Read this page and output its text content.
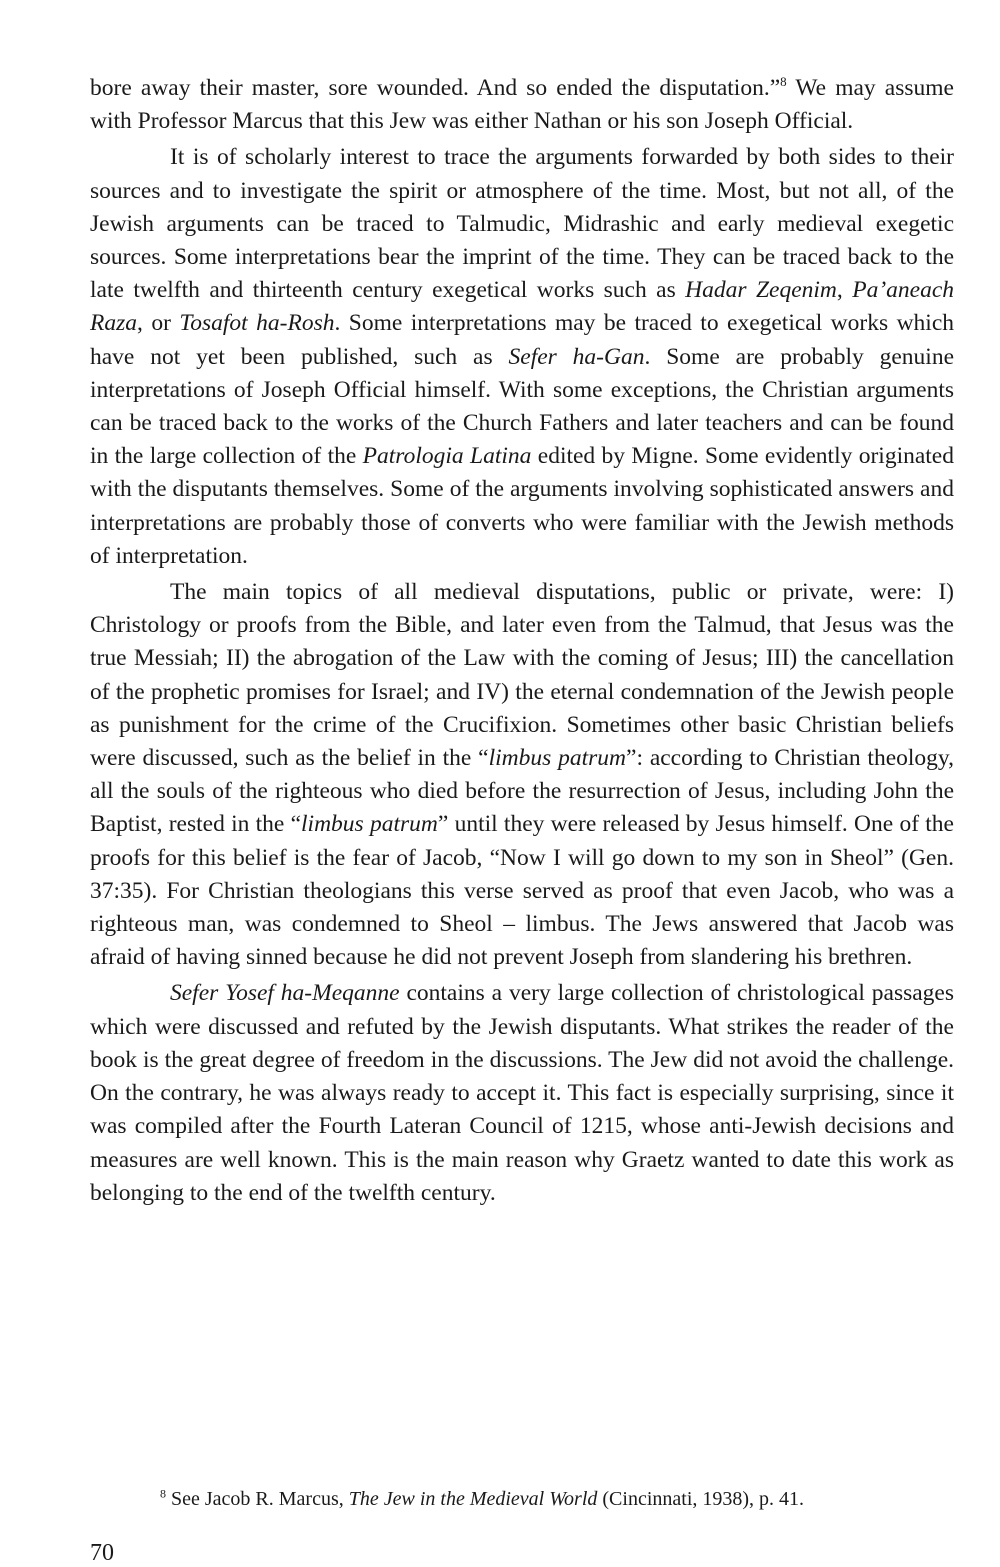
bore away their master, sore wounded. And so ended the disputation.”$^8$ We may assume with Professor Marcus that this Jew was either Nathan or his son Joseph Official.

It is of scholarly interest to trace the arguments forwarded by both sides to their sources and to investigate the spirit or atmosphere of the time. Most, but not all, of the Jewish arguments can be traced to Talmudic, Midrashic and early medieval exegetic sources. Some interpretations bear the imprint of the time. They can be traced back to the late twelfth and thirteenth century exegetical works such as Hadar Zeqenim, Pa’aneach Raza, or Tosafot ha-Rosh. Some interpretations may be traced to exegetical works which have not yet been published, such as Sefer ha-Gan. Some are probably genuine interpretations of Joseph Official himself. With some exceptions, the Christian arguments can be traced back to the works of the Church Fathers and later teachers and can be found in the large collection of the Patrologia Latina edited by Migne. Some evidently originated with the disputants themselves. Some of the arguments involving sophisticated answers and interpretations are probably those of converts who were familiar with the Jewish methods of interpretation.

The main topics of all medieval disputations, public or private, were: I) Christology or proofs from the Bible, and later even from the Talmud, that Jesus was the true Messiah; II) the abrogation of the Law with the coming of Jesus; III) the cancellation of the prophetic promises for Israel; and IV) the eternal condemnation of the Jewish people as punishment for the crime of the Crucifixion. Sometimes other basic Christian beliefs were discussed, such as the belief in the “limbus patrum”: according to Christian theology, all the souls of the righteous who died before the resurrection of Jesus, including John the Baptist, rested in the “limbus patrum” until they were released by Jesus himself. One of the proofs for this belief is the fear of Jacob, “Now I will go down to my son in Sheol” (Gen. 37:35). For Christian theologians this verse served as proof that even Jacob, who was a righteous man, was condemned to Sheol – limbus. The Jews answered that Jacob was afraid of having sinned because he did not prevent Joseph from slandering his brethren.

Sefer Yosef ha-Meqanne contains a very large collection of christological passages which were discussed and refuted by the Jewish disputants. What strikes the reader of the book is the great degree of freedom in the discussions. The Jew did not avoid the challenge. On the contrary, he was always ready to accept it. This fact is especially surprising, since it was compiled after the Fourth Lateran Council of 1215, whose anti-Jewish decisions and measures are well known. This is the main reason why Graetz wanted to date this work as belonging to the end of the twelfth century.

$^8$ See Jacob R. Marcus, The Jew in the Medieval World (Cincinnati, 1938), p. 41.

70
